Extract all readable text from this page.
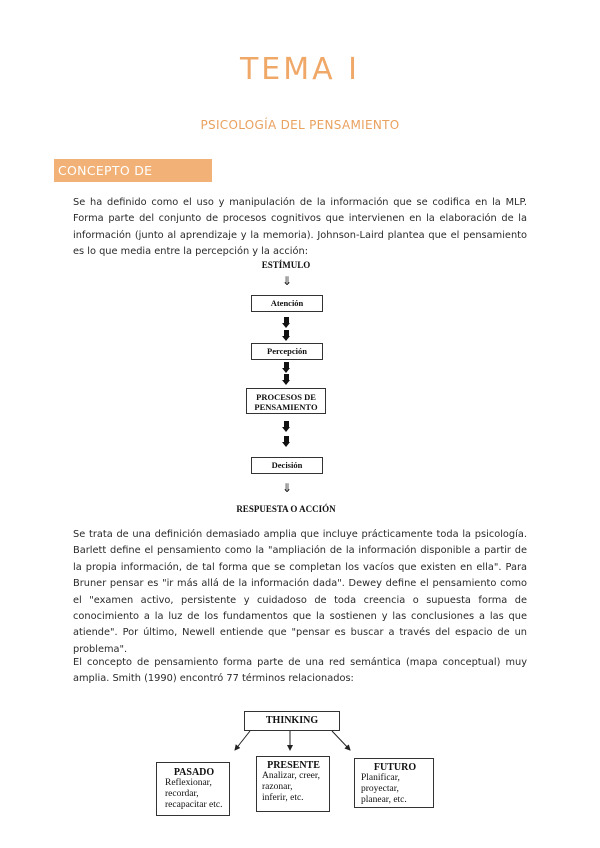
TEMA I
PSICOLOGÍA DEL PENSAMIENTO
CONCEPTO DE PENSAMIENTO

Se ha definido como el uso y manipulación de la información que se codifica en la MLP. Forma parte del conjunto de procesos cognitivos que intervienen en la elaboración de la información (junto al aprendizaje y la memoria). Johnson-Laird plantea que el pensamiento es lo que media entre la percepción y la acción:

ESTÍMULO
⇓
Atención
Percepción
PROCESOS DE PENSAMIENTO
Decisión
⇓
RESPUESTA O ACCIÓN

Se trata de una definición demasiado amplia que incluye prácticamente toda la psicología. Barlett define el pensamiento como la "ampliación de la información disponible a partir de la propia información, de tal forma que se completan los vacíos que existen en ella". Para Bruner pensar es "ir más allá de la información dada". Dewey define el pensamiento como el "examen activo, persistente y cuidadoso de toda creencia o supuesta forma de conocimiento a la luz de los fundamentos que la sostienen y las conclusiones a las que atiende". Por último, Newell entiende que "pensar es buscar a través del espacio de un problema".

El concepto de pensamiento forma parte de una red semántica (mapa conceptual) muy amplia. Smith (1990) encontró 77 términos relacionados:

THINKING
PASADO
Reflexionar,
recordar,
recapacitar etc.
PRESENTE
Analizar, creer,
razonar,
inferir, etc.
FUTURO
Planificar,
proyectar,
planear, etc.
